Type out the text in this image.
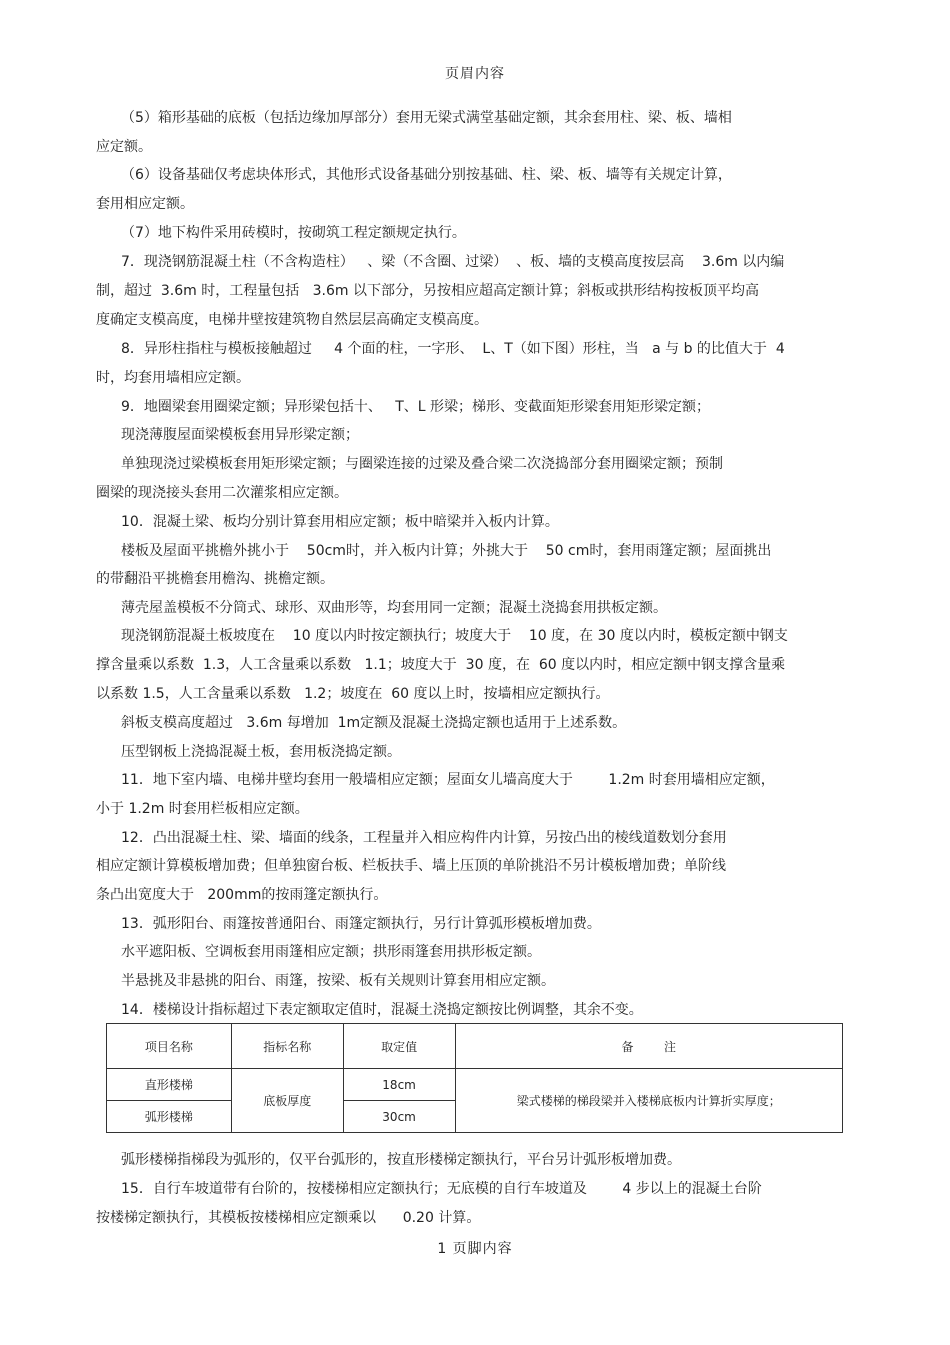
页眉内容
（5）箱形基础的底板（包括边缘加厚部分）套用无梁式满堂基础定额，其余套用柱、梁、板、墙相
应定额。
（6）设备基础仅考虑块体形式，其他形式设备基础分别按基础、柱、梁、板、墙等有关规定计算，
套用相应定额。
（7）地下构件采用砖模时，按砌筑工程定额规定执行。
7．现浇钢筋混凝土柱（不含构造柱）   、梁（不含圈、过梁）  、板、墙的支模高度按层高    3.6m 以内编
制，超过  3.6m 时，工程量包括   3.6m 以下部分，另按相应超高定额计算；斜板或拱形结构按板顶平均高
度确定支模高度，电梯井壁按建筑物自然层层高确定支模高度。
8．异形柱指柱与模板接触超过     4 个面的柱，一字形、  L、T（如下图）形柱，当   a 与 b 的比值大于  4
时，均套用墙相应定额。
9．地圈梁套用圈梁定额；异形梁包括十、   T、L 形梁；梯形、变截面矩形梁套用矩形梁定额；
现浇薄腹屋面梁模板套用异形梁定额；
单独现浇过梁模板套用矩形梁定额；与圈梁连接的过梁及叠合梁二次浇捣部分套用圈梁定额；预制
圈梁的现浇接头套用二次灌浆相应定额。
10．混凝土梁、板均分别计算套用相应定额；板中暗梁并入板内计算。
楼板及屋面平挑檐外挑小于    50cm时，并入板内计算；外挑大于    50 cm时，套用雨篷定额；屋面挑出
的带翻沿平挑檐套用檐沟、挑檐定额。
薄壳屋盖模板不分筒式、球形、双曲形等，均套用同一定额；混凝土浇捣套用拱板定额。
现浇钢筋混凝土板坡度在    10 度以内时按定额执行；坡度大于    10 度，在 30 度以内时，模板定额中钢支
撑含量乘以系数  1.3，人工含量乘以系数   1.1；坡度大于  30 度，在  60 度以内时，相应定额中钢支撑含量乘
以系数 1.5，人工含量乘以系数   1.2；坡度在  60 度以上时，按墙相应定额执行。
斜板支模高度超过   3.6m 每增加  1m定额及混凝土浇捣定额也适用于上述系数。
压型钢板上浇捣混凝土板，套用板浇捣定额。
11．地下室内墙、电梯井壁均套用一般墙相应定额；屋面女儿墙高度大于        1.2m 时套用墙相应定额，
小于 1.2m 时套用栏板相应定额。
12．凸出混凝土柱、梁、墙面的线条，工程量并入相应构件内计算，另按凸出的棱线道数划分套用
相应定额计算模板增加费；但单独窗台板、栏板扶手、墙上压顶的单阶挑沿不另计模板增加费；单阶线
条凸出宽度大于   200mm的按雨篷定额执行。
13．弧形阳台、雨篷按普通阳台、雨篷定额执行，另行计算弧形模板增加费。
水平遮阳板、空调板套用雨篷相应定额；拱形雨篷套用拱形板定额。
半悬挑及非悬挑的阳台、雨篷，按梁、板有关规则计算套用相应定额。
14．楼梯设计指标超过下表定额取定值时，混凝土浇捣定额按比例调整，其余不变。
项目名称	指标名称	取定值	备        注
直形楼梯	底板厚度	18cm	梁式楼梯的梯段梁并入楼梯底板内计算折实厚度；
弧形楼梯		30cm	
弧形楼梯指梯段为弧形的，仅平台弧形的，按直形楼梯定额执行，平台另计弧形板增加费。
15．自行车坡道带有台阶的，按楼梯相应定额执行；无底模的自行车坡道及        4 步以上的混凝土台阶
按楼梯定额执行，其模板按楼梯相应定额乘以      0.20 计算。
1 页脚内容
